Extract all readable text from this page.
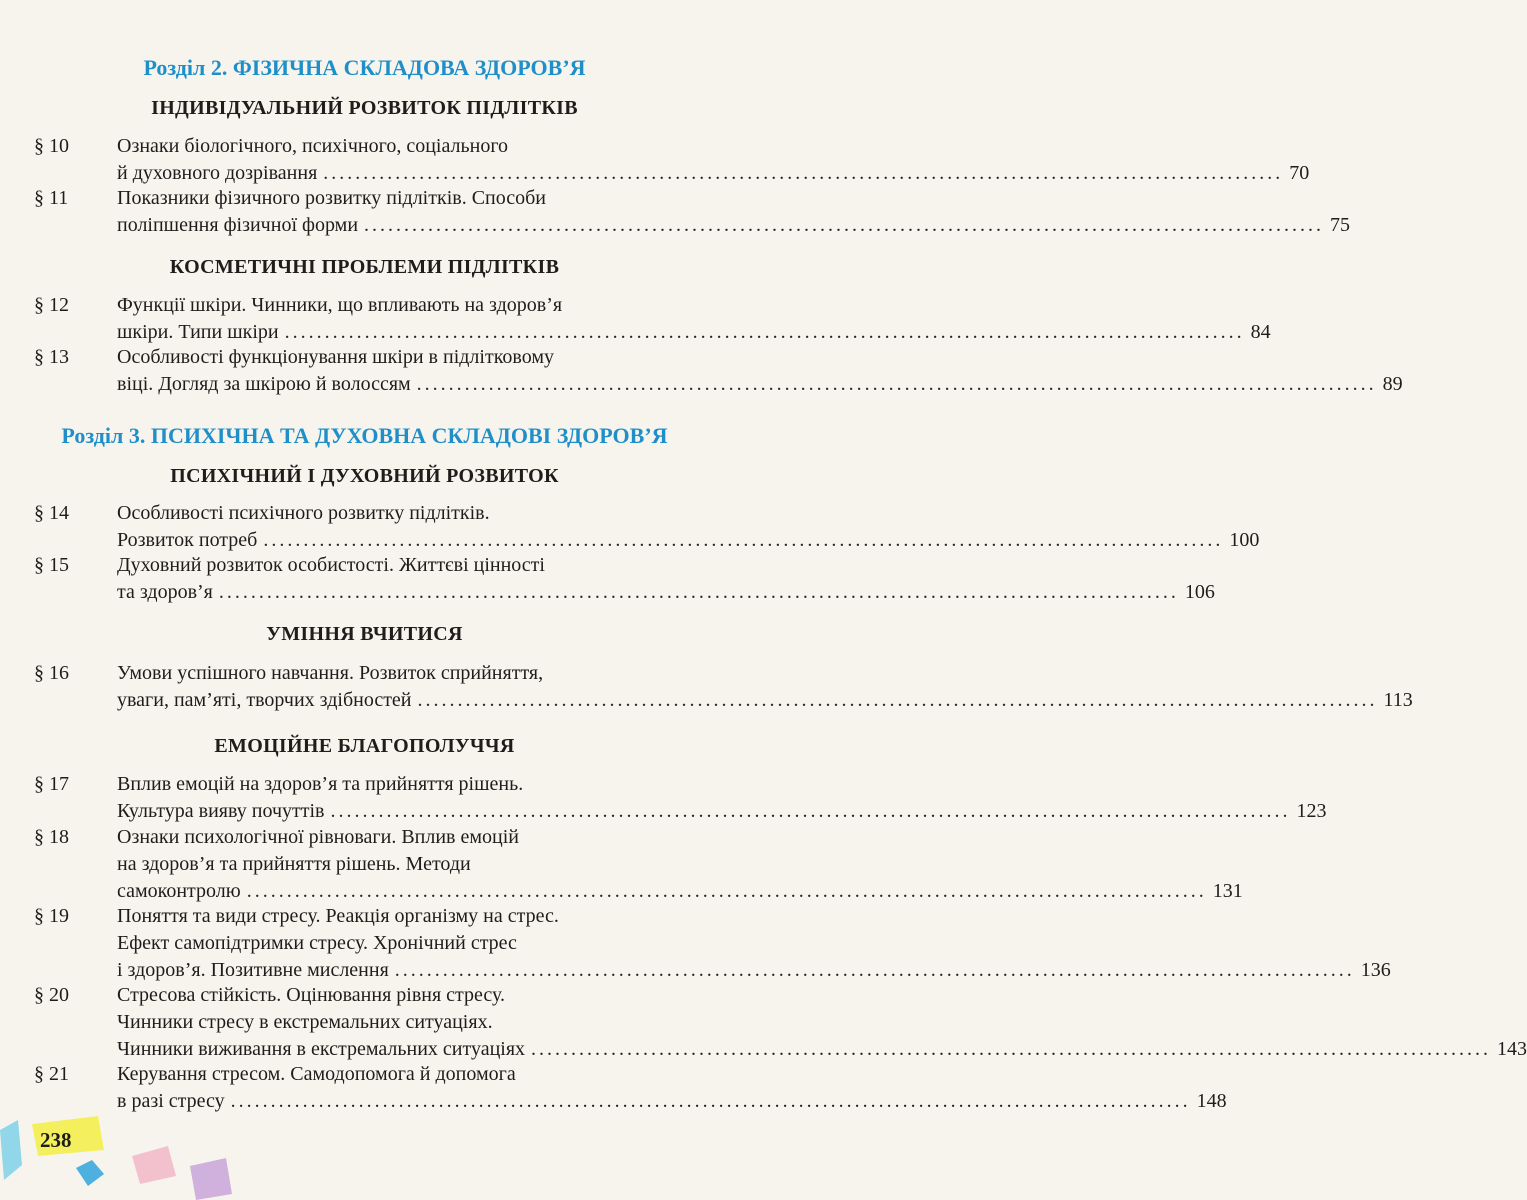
Розділ 2. ФІЗИЧНА СКЛАДОВА ЗДОРОВ’Я
Розділ 3. ПСИХІЧНА ТА ДУХОВНА СКЛАДОВІ ЗДОРОВ’Я
ІНДИВІДУАЛЬНИЙ РОЗВИТОК ПІДЛІТКІВ
КОСМЕТИЧНІ ПРОБЛЕМИ ПІДЛІТКІВ
ПСИХІЧНИЙ І ДУХОВНИЙ РОЗВИТОК
УМІННЯ ВЧИТИСЯ
ЕМОЦІЙНЕ БЛАГОПОЛУЧЧЯ
§ 10 Ознаки біологічного, психічного, соціального
й духовного дозрівання ........................................................................................................................ 70
§ 11 Показники фізичного розвитку підлітків. Способи
поліпшення фізичної форми ........................................................................................................................ 75
§ 12 Функції шкіри. Чинники, що впливають на здоров’я
шкіри. Типи шкіри ........................................................................................................................ 84
§ 13 Особливості функціонування шкіри в підлітковому
віці. Догляд за шкірою й волоссям ........................................................................................................................ 89
§ 14 Особливості психічного розвитку підлітків.
Розвиток потреб ........................................................................................................................ 100
§ 15 Духовний розвиток особистості. Життєві цінності
та здоров’я ........................................................................................................................ 106
§ 16 Умови успішного навчання. Розвиток сприйняття,
уваги, пам’яті, творчих здібностей ........................................................................................................................ 113
§ 17 Вплив емоцій на здоров’я та прийняття рішень.
Культура вияву почуттів ........................................................................................................................ 123
§ 18 Ознаки психологічної рівноваги. Вплив емоцій
на здоров’я та прийняття рішень. Методи
самоконтролю ........................................................................................................................ 131
§ 19 Поняття та види стресу. Реакція організму на стрес.
Ефект самопідтримки стресу. Хронічний стрес
і здоров’я. Позитивне мислення ........................................................................................................................ 136
§ 20 Стресова стійкість. Оцінювання рівня стресу.
Чинники стресу в екстремальних ситуаціях.
Чинники виживання в екстремальних ситуаціях ........................................................................................................................ 143
§ 21 Керування стресом. Самодопомога й допомога
в разі стресу ........................................................................................................................ 148
238
